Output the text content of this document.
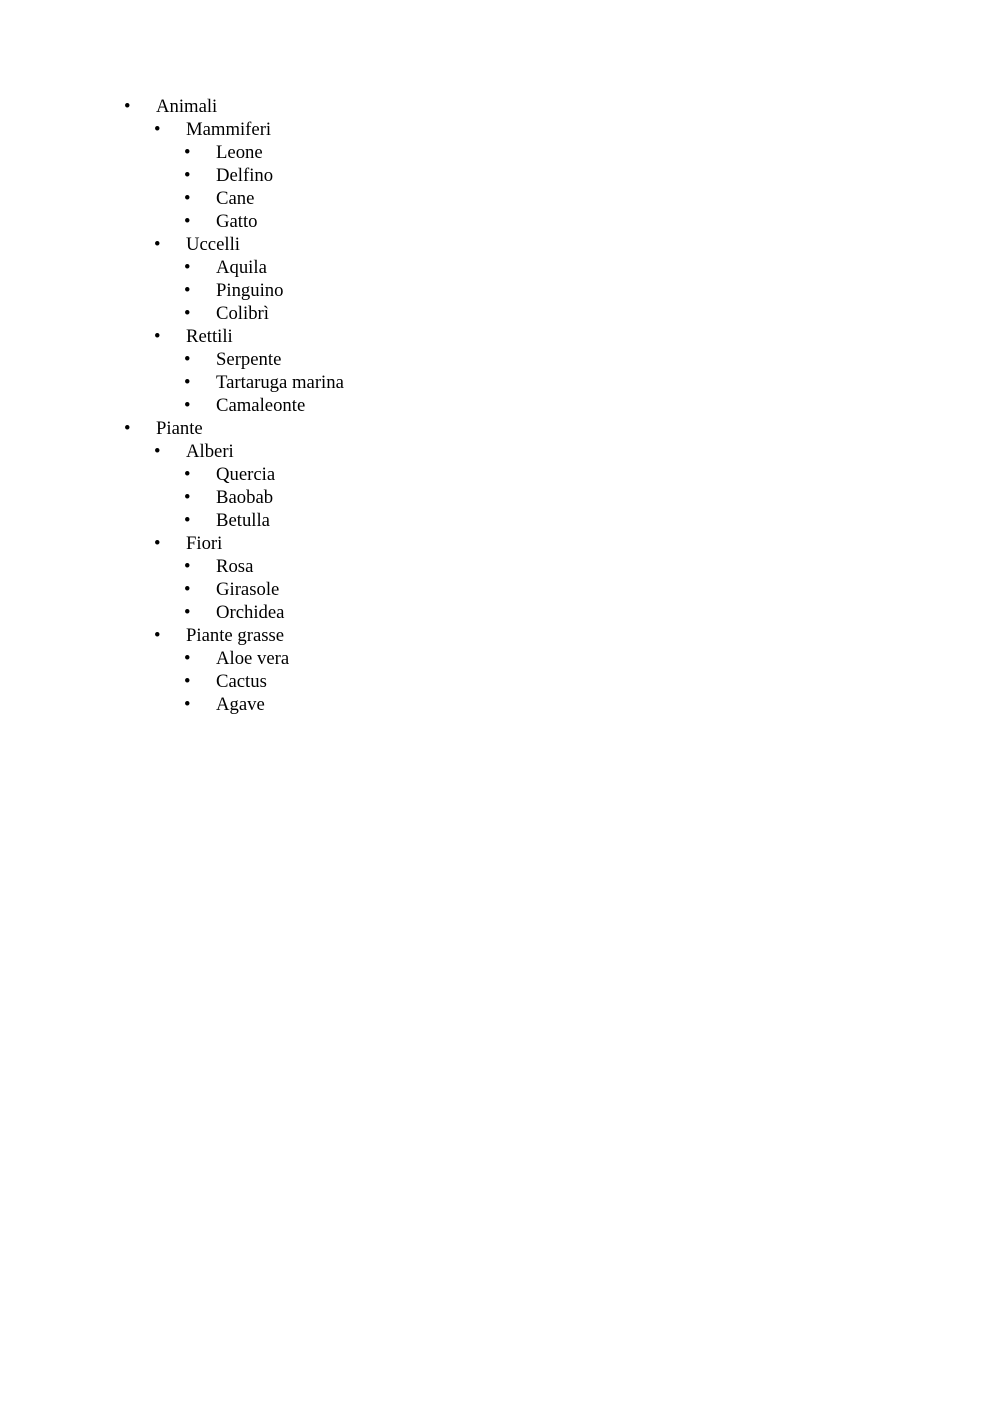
• Animali
• Mammiferi
• Leone
• Delfino
• Cane
• Gatto
• Uccelli
• Aquila
• Pinguino
• Colibrì
• Rettili
• Serpente
• Tartaruga marina
• Camaleonte
• Piante
• Alberi
• Quercia
• Baobab
• Betulla
• Fiori
• Rosa
• Girasole
• Orchidea
• Piante grasse
• Aloe vera
• Cactus
• Agave
